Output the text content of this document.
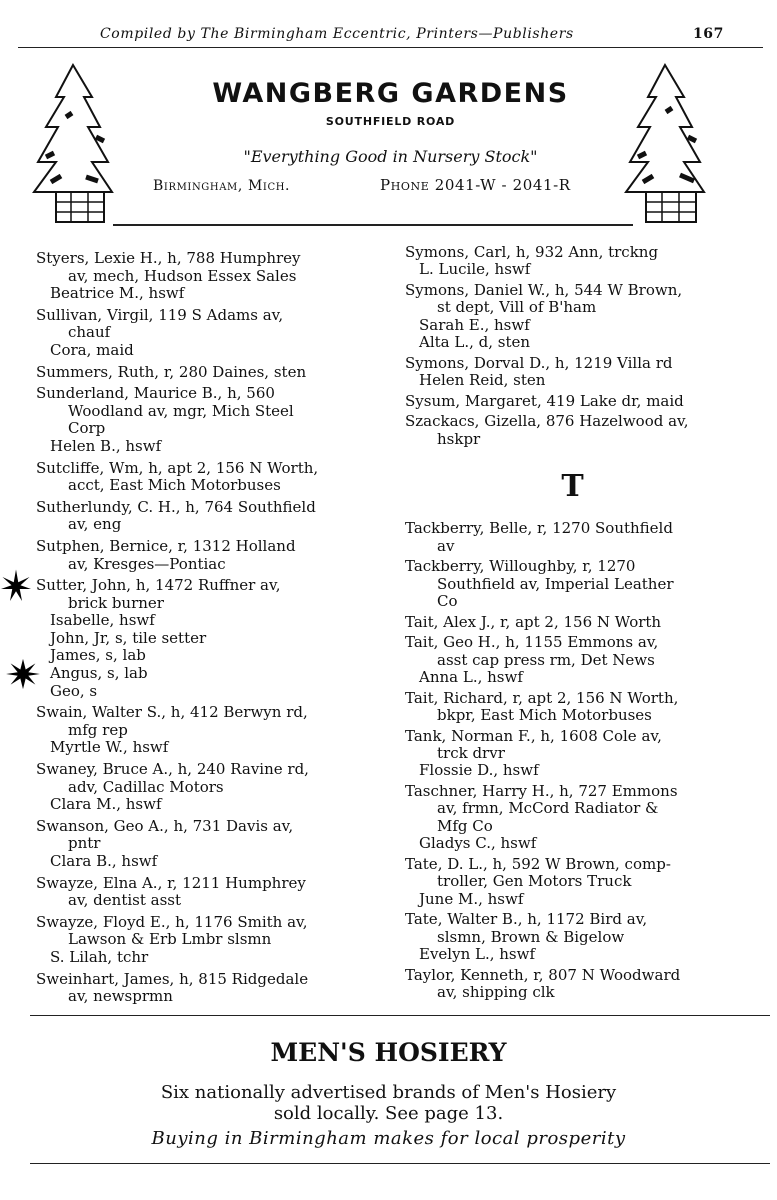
Compiled by The Birmingham Eccentric, Printers—Publishers	167
WANGBERG GARDENS
SOUTHFIELD ROAD
"Everything Good in Nursery Stock"
Birmingham, Mich.	Phone 2041-W - 2041-R
Styers, Lexie H., h, 788 Humphrey
av, mech, Hudson Essex Sales
Beatrice M., hswf
Sullivan, Virgil, 119 S Adams av,
chauf
Cora, maid
Summers, Ruth, r, 280 Daines, sten
Sunderland, Maurice B., h, 560
Woodland av, mgr, Mich Steel
Corp
Helen B., hswf
Sutcliffe, Wm, h, apt 2, 156 N Worth,
acct, East Mich Motorbuses
Sutherlundy, C. H., h, 764 Southfield
av, eng
Sutphen, Bernice, r, 1312 Holland
av, Kresges—Pontiac
Sutter, John, h, 1472 Ruffner av,
brick burner
Isabelle, hswf
John, Jr, s, tile setter
James, s, lab
Angus, s, lab
Geo, s
Swain, Walter S., h, 412 Berwyn rd,
mfg rep
Myrtle W., hswf
Swaney, Bruce A., h, 240 Ravine rd,
adv, Cadillac Motors
Clara M., hswf
Swanson, Geo A., h, 731 Davis av,
pntr
Clara B., hswf
Swayze, Elna A., r, 1211 Humphrey
av, dentist asst
Swayze, Floyd E., h, 1176 Smith av,
Lawson & Erb Lmbr slsmn
S. Lilah, tchr
Sweinhart, James, h, 815 Ridgedale
av, newsprmn
Symons, Carl, h, 932 Ann, trckng
L. Lucile, hswf
Symons, Daniel W., h, 544 W Brown,
st dept, Vill of B'ham
Sarah E., hswf
Alta L., d, sten
Symons, Dorval D., h, 1219 Villa rd
Helen Reid, sten
Sysum, Margaret, 419 Lake dr, maid
Szackacs, Gizella, 876 Hazelwood av,
hskpr
T
Tackberry, Belle, r, 1270 Southfield
av
Tackberry, Willoughby, r, 1270
Southfield av, Imperial Leather
Co
Tait, Alex J., r, apt 2, 156 N Worth
Tait, Geo H., h, 1155 Emmons av,
asst cap press rm, Det News
Anna L., hswf
Tait, Richard, r, apt 2, 156 N Worth,
bkpr, East Mich Motorbuses
Tank, Norman F., h, 1608 Cole av,
trck drvr
Flossie D., hswf
Taschner, Harry H., h, 727 Emmons
av, frmn, McCord Radiator &
Mfg Co
Gladys C., hswf
Tate, D. L., h, 592 W Brown, comp-
troller, Gen Motors Truck
June M., hswf
Tate, Walter B., h, 1172 Bird av,
slsmn, Brown & Bigelow
Evelyn L., hswf
Taylor, Kenneth, r, 807 N Woodward
av, shipping clk
MEN'S HOSIERY
Six nationally advertised brands of Men's Hosiery
sold locally. See page 13.
Buying in Birmingham makes for local prosperity
